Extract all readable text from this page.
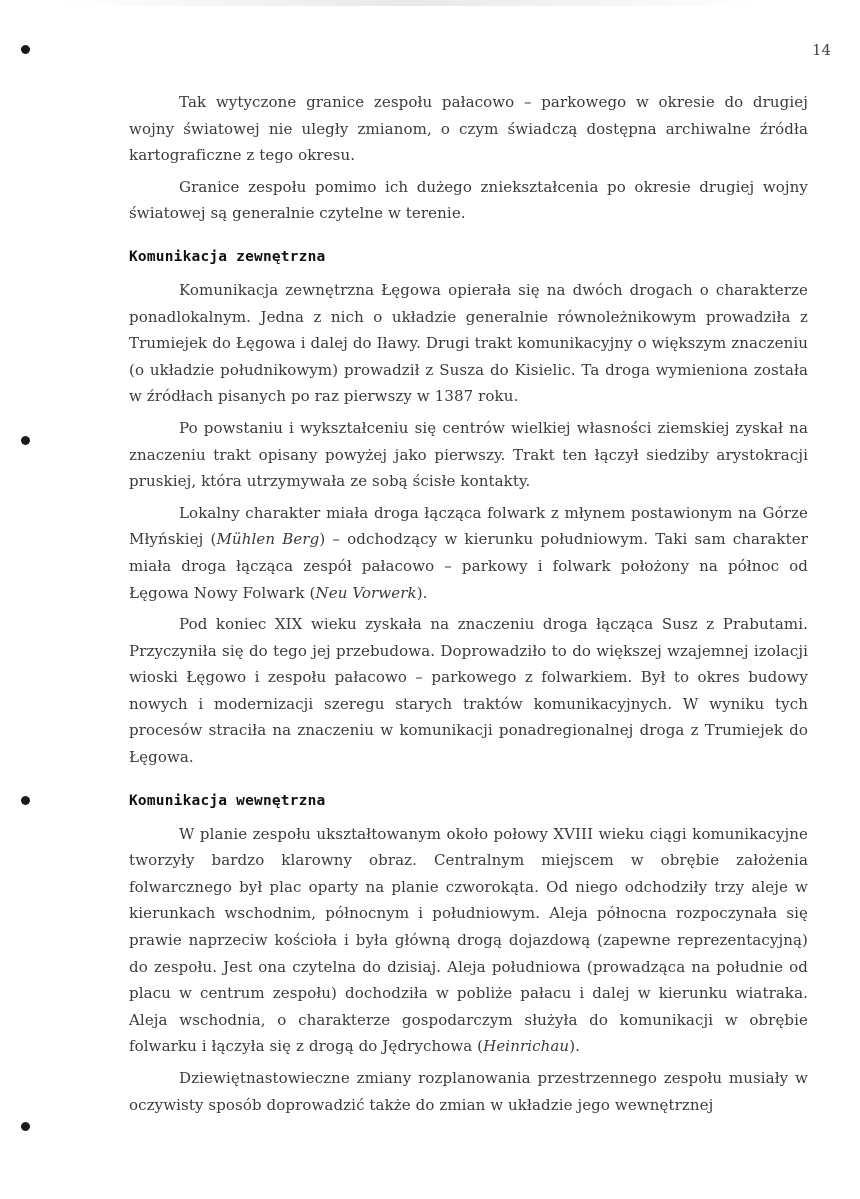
14

Tak wytyczone granice zespołu pałacowo – parkowego w okresie do drugiej wojny światowej nie uległy zmianom, o czym świadczą dostępna archiwalne źródła kartograficzne z tego okresu.

Granice zespołu pomimo ich dużego zniekształcenia po okresie drugiej wojny światowej są generalnie czytelne w terenie.

Komunikacja zewnętrzna

Komunikacja zewnętrzna Łęgowa opierała się na dwóch drogach o charakterze ponadlokalnym. Jedna z nich o układzie generalnie równoleżnikowym prowadziła z Trumiejek do Łęgowa i dalej do Iławy. Drugi trakt komunikacyjny o większym znaczeniu (o układzie południkowym) prowadził z Susza do Kisielic. Ta droga wymieniona została w źródłach pisanych po raz pierwszy w 1387 roku.

Po powstaniu i wykształceniu się centrów wielkiej własności ziemskiej zyskał na znaczeniu trakt opisany powyżej jako pierwszy. Trakt ten łączył siedziby arystokracji pruskiej, która utrzymywała ze sobą ścisłe kontakty.

Lokalny charakter miała droga łącząca folwark z młynem postawionym na Górze Młyńskiej (Mühlen Berg) – odchodzący w kierunku południowym. Taki sam charakter miała droga łącząca zespół pałacowo – parkowy i folwark położony na północ od Łęgowa Nowy Folwark (Neu Vorwerk).

Pod koniec XIX wieku zyskała na znaczeniu droga łącząca Susz z Prabutami. Przyczyniła się do tego jej przebudowa. Doprowadziło to do większej wzajemnej izolacji wioski Łęgowo i zespołu pałacowo – parkowego z folwarkiem. Był to okres budowy nowych i modernizacji szeregu starych traktów komunikacyjnych. W wyniku tych procesów straciła na znaczeniu w komunikacji ponadregionalnej droga z Trumiejek do Łęgowa.

Komunikacja wewnętrzna

W planie zespołu ukształtowanym około połowy XVIII wieku ciągi komunikacyjne tworzyły bardzo klarowny obraz. Centralnym miejscem w obrębie założenia folwarcznego był plac oparty na planie czworokąta. Od niego odchodziły trzy aleje w kierunkach wschodnim, północnym i południowym. Aleja północna rozpoczynała się prawie naprzeciw kościoła i była główną drogą dojazdową (zapewne reprezentacyjną) do zespołu. Jest ona czytelna do dzisiaj. Aleja południowa (prowadząca na południe od placu w centrum zespołu) dochodziła w pobliże pałacu i dalej w kierunku wiatraka. Aleja wschodnia, o charakterze gospodarczym służyła do komunikacji w obrębie folwarku i łączyła się z drogą do Jędrychowa (Heinrichau).

Dziewiętnastowieczne zmiany rozplanowania przestrzennego zespołu musiały w oczywisty sposób doprowadzić także do zmian w układzie jego wewnętrznej
